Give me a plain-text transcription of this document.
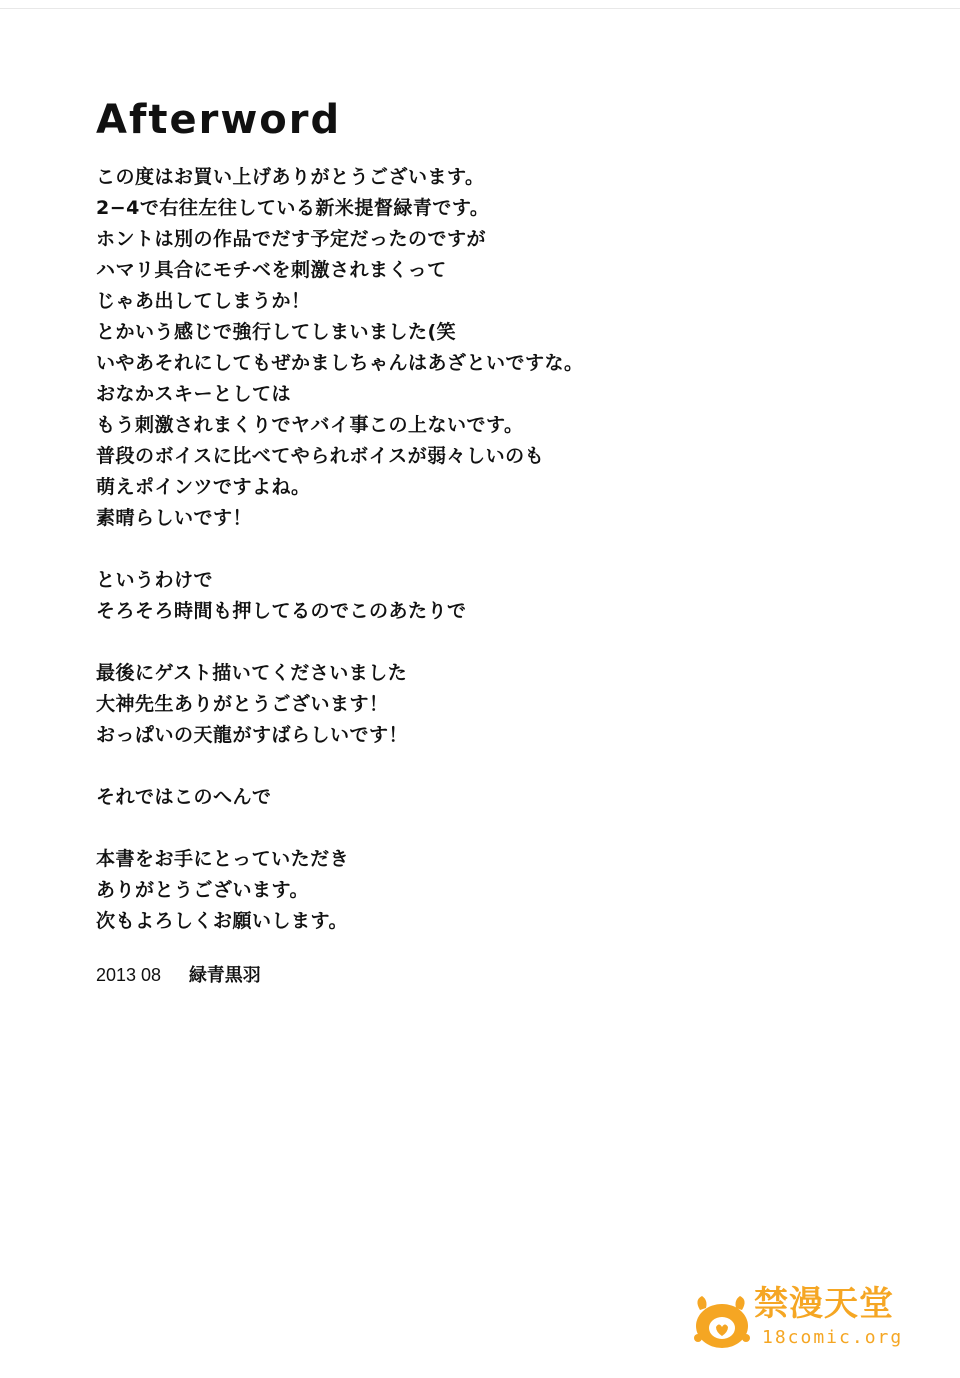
Afterword
この度はお買い上げありがとうございます。
2−4で右往左往している新米提督緑青です。
ホントは別の作品でだす予定だったのですが
ハマリ具合にモチベを刺激されまくって
じゃあ出してしまうか！
とかいう感じで強行してしまいました(笑
いやあそれにしてもぜかましちゃんはあざといですな。
おなかスキーとしては
もう刺激されまくりでヤバイ事この上ないです。
普段のボイスに比べてやられボイスが弱々しいのも
萌えポインツですよね。
素晴らしいです！
というわけで
そろそろ時間も押してるのでこのあたりで
最後にゲスト描いてくださいました
大神先生ありがとうございます！
おっぱいの天龍がすばらしいです！
それではこのへんで
本書をお手にとっていただき
ありがとうございます。
次もよろしくお願いします。
2013 08 緑青黒羽
禁漫天堂
18comic.org
